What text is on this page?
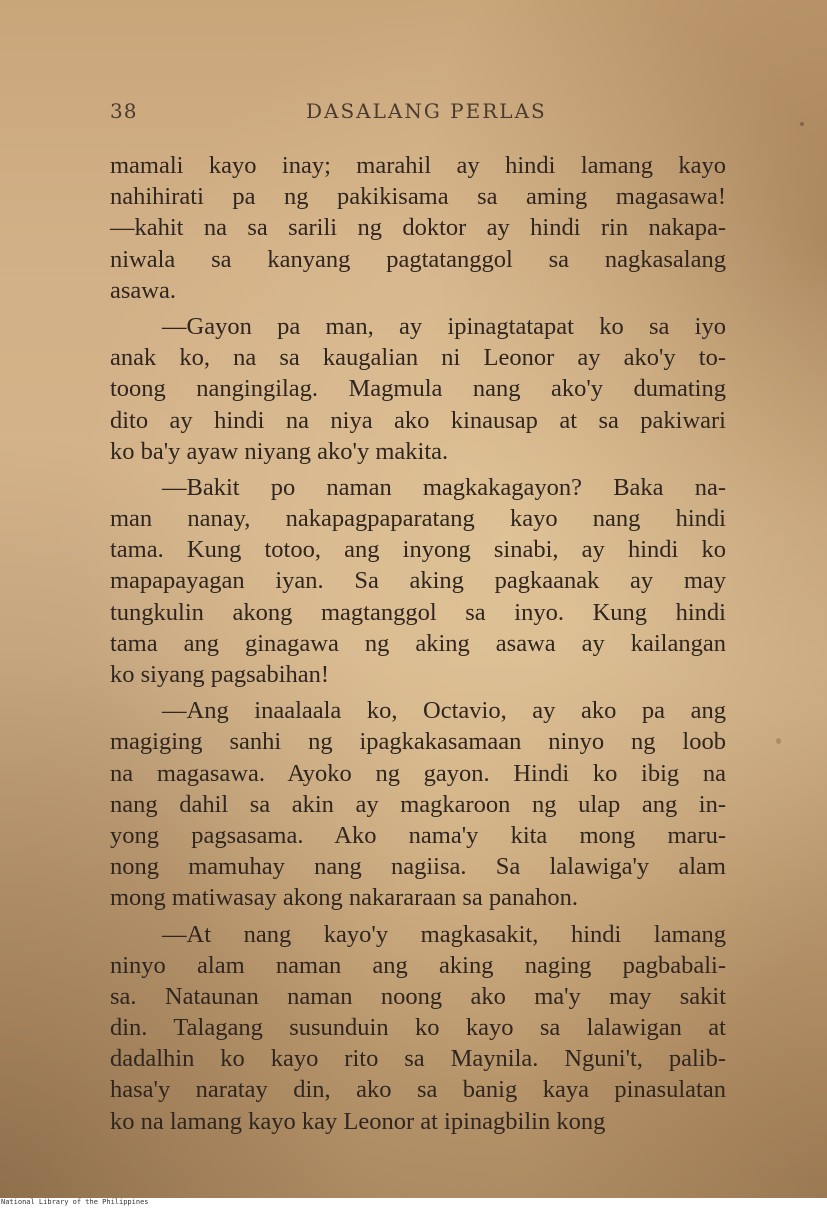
38	DASALANG PERLAS
mamali kayo inay; marahil ay hindi lamang kayo
nahihirati pa ng pakikisama sa aming magasawa!
—kahit na sa sarili ng doktor ay hindi rin nakapa-
niwala sa kanyang pagtatanggol sa nagkasalang
asawa.
—Gayon pa man, ay ipinagtatapat ko sa iyo
anak ko, na sa kaugalian ni Leonor ay ako'y to-
toong nangingilag. Magmula nang ako'y dumating
dito ay hindi na niya ako kinausap at sa pakiwari
ko ba'y ayaw niyang ako'y makita.
—Bakit po naman magkakagayon? Baka na-
man nanay, nakapagpaparatang kayo nang hindi
tama. Kung totoo, ang inyong sinabi, ay hindi ko
mapapayagan iyan. Sa aking pagkaanak ay may
tungkulin akong magtanggol sa inyo. Kung hindi
tama ang ginagawa ng aking asawa ay kailangan
ko siyang pagsabihan!
—Ang inaalaala ko, Octavio, ay ako pa ang
magiging sanhi ng ipagkakasamaan ninyo ng loob
na magasawa. Ayoko ng gayon. Hindi ko ibig na
nang dahil sa akin ay magkaroon ng ulap ang in-
yong pagsasama. Ako nama'y kita mong maru-
nong mamuhay nang nagiisa. Sa lalawiga'y alam
mong matiwasay akong nakararaan sa panahon.
—At nang kayo'y magkasakit, hindi lamang
ninyo alam naman ang aking naging pagbabali-
sa. Nataunan naman noong ako ma'y may sakit
din. Talagang susunduin ko kayo sa lalawigan at
dadalhin ko kayo rito sa Maynila. Nguni't, palib-
hasa'y naratay din, ako sa banig kaya pinasulatan
ko na lamang kayo kay Leonor at ipinagbilin kong
National Library of the Philippines
